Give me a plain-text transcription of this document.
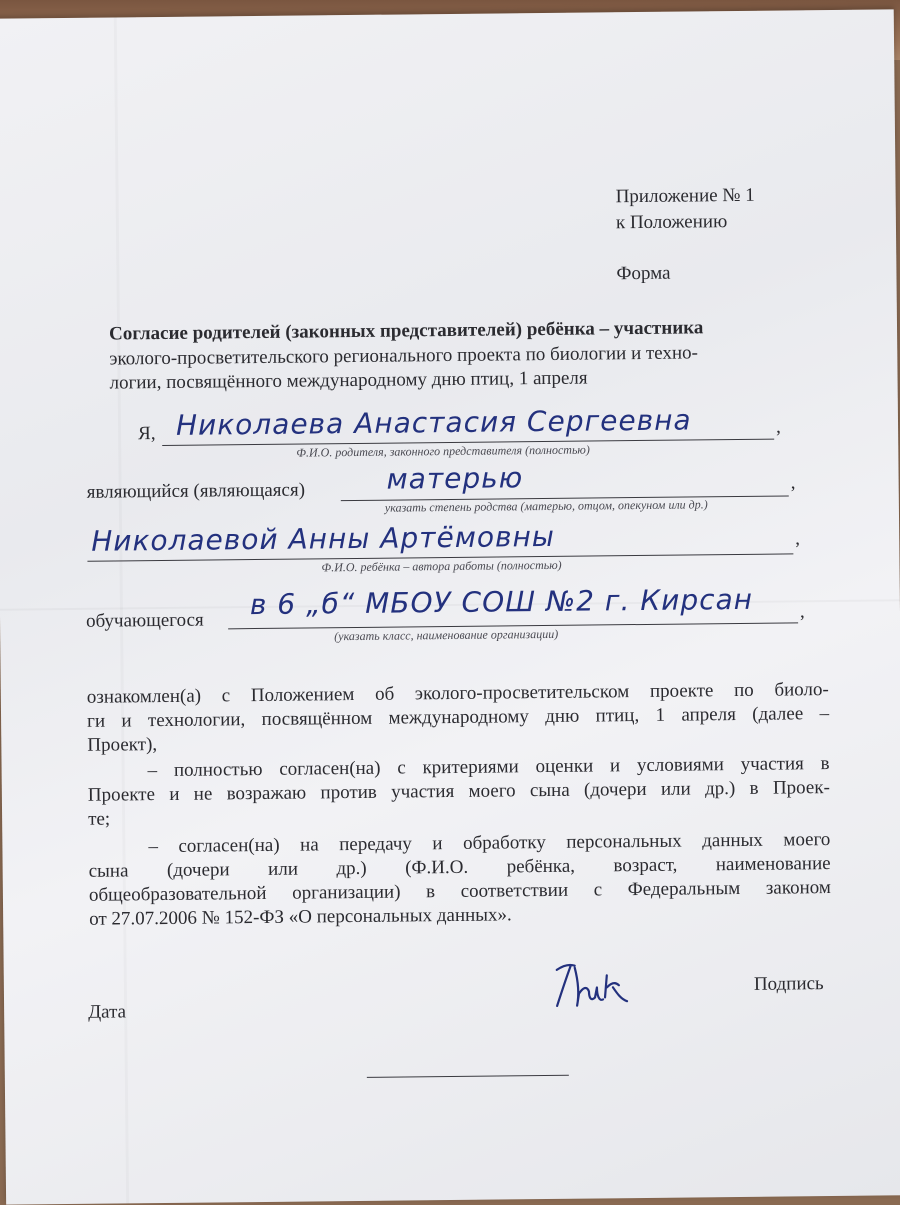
Приложение № 1
к Положению
Форма
Согласие родителей (законных представителей) ребёнка – участника
эколого-просветительского регионального проекта по биологии и техно-
логии, посвящённого международному дню птиц, 1 апреля
Я, Николаева Анастасия Сергеевна	,
Ф.И.О. родителя, законного представителя (полностью)
являющийся (являющаяся)	матерью	,
указать степень родства (матерью, отцом, опекуном или др.)
Николаевой Анны Артёмовны	,
Ф.И.О. ребёнка – автора работы (полностью)
обучающегося в 6 „б“ МБОУ СОШ №2 г. Кирсан ,
(указать класс, наименование организации)
ознакомлен(а) с Положением об эколого-просветительском проекте по биоло-
ги и технологии, посвящённом международному дню птиц, 1 апреля (далее –
Проект),
– полностью согласен(на) с критериями оценки и условиями участия в
Проекте и не возражаю против участия моего сына (дочери или др.) в Проек-
те;
– согласен(на) на передачу и обработку персональных данных моего
сына (дочери или др.) (Ф.И.О. ребёнка, возраст, наименование
общеобразовательной организации) в соответствии с Федеральным законом
от 27.07.2006 № 152-ФЗ «О персональных данных».
Дата
Подпись
